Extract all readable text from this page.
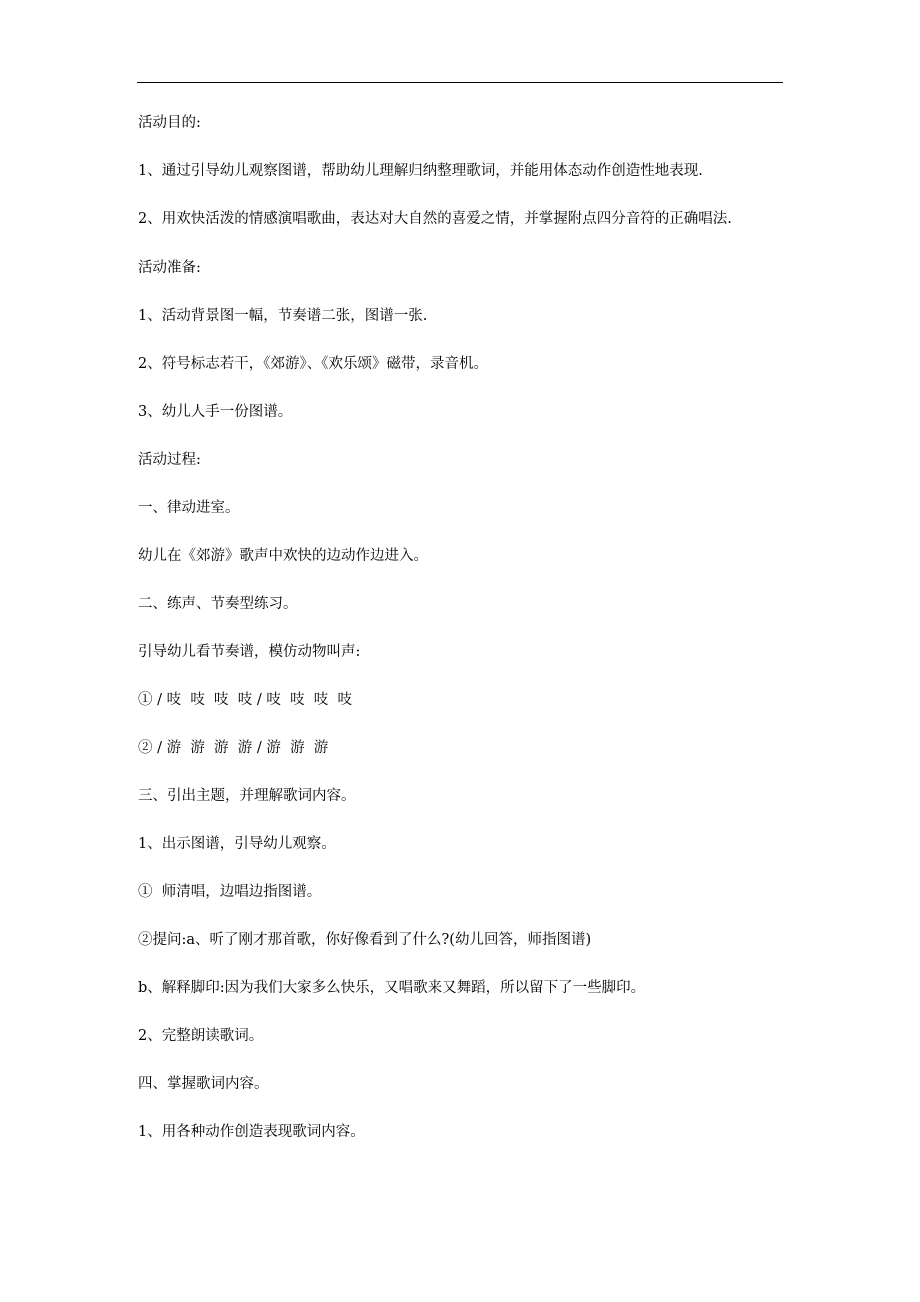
活动目的:

1、通过引导幼儿观察图谱，帮助幼儿理解归纳整理歌词，并能用体态动作创造性地表现.

2、用欢快活泼的情感演唱歌曲，表达对大自然的喜爱之情，并掌握附点四分音符的正确唱法.

活动准备:

1、活动背景图一幅，节奏谱二张，图谱一张.

2、符号标志若干，《郊游》、《欢乐颂》磁带，录音机。

3、幼儿人手一份图谱。

活动过程:

一、律动进室。

幼儿在《郊游》歌声中欢快的边动作边进入。

二、练声、节奏型练习。

引导幼儿看节奏谱，模仿动物叫声:

① / 吱  吱  吱  吱 / 吱  吱  吱  吱

② / 游  游  游  游 / 游  游  游

三、引出主题，并理解歌词内容。

1、出示图谱，引导幼儿观察。

①  师清唱，边唱边指图谱。

②提问:a、听了刚才那首歌，你好像看到了什么?(幼儿回答，师指图谱)

b、解释脚印:因为我们大家多么快乐，又唱歌来又舞蹈，所以留下了一些脚印。

2、完整朗读歌词。

四、掌握歌词内容。

1、用各种动作创造表现歌词内容。
